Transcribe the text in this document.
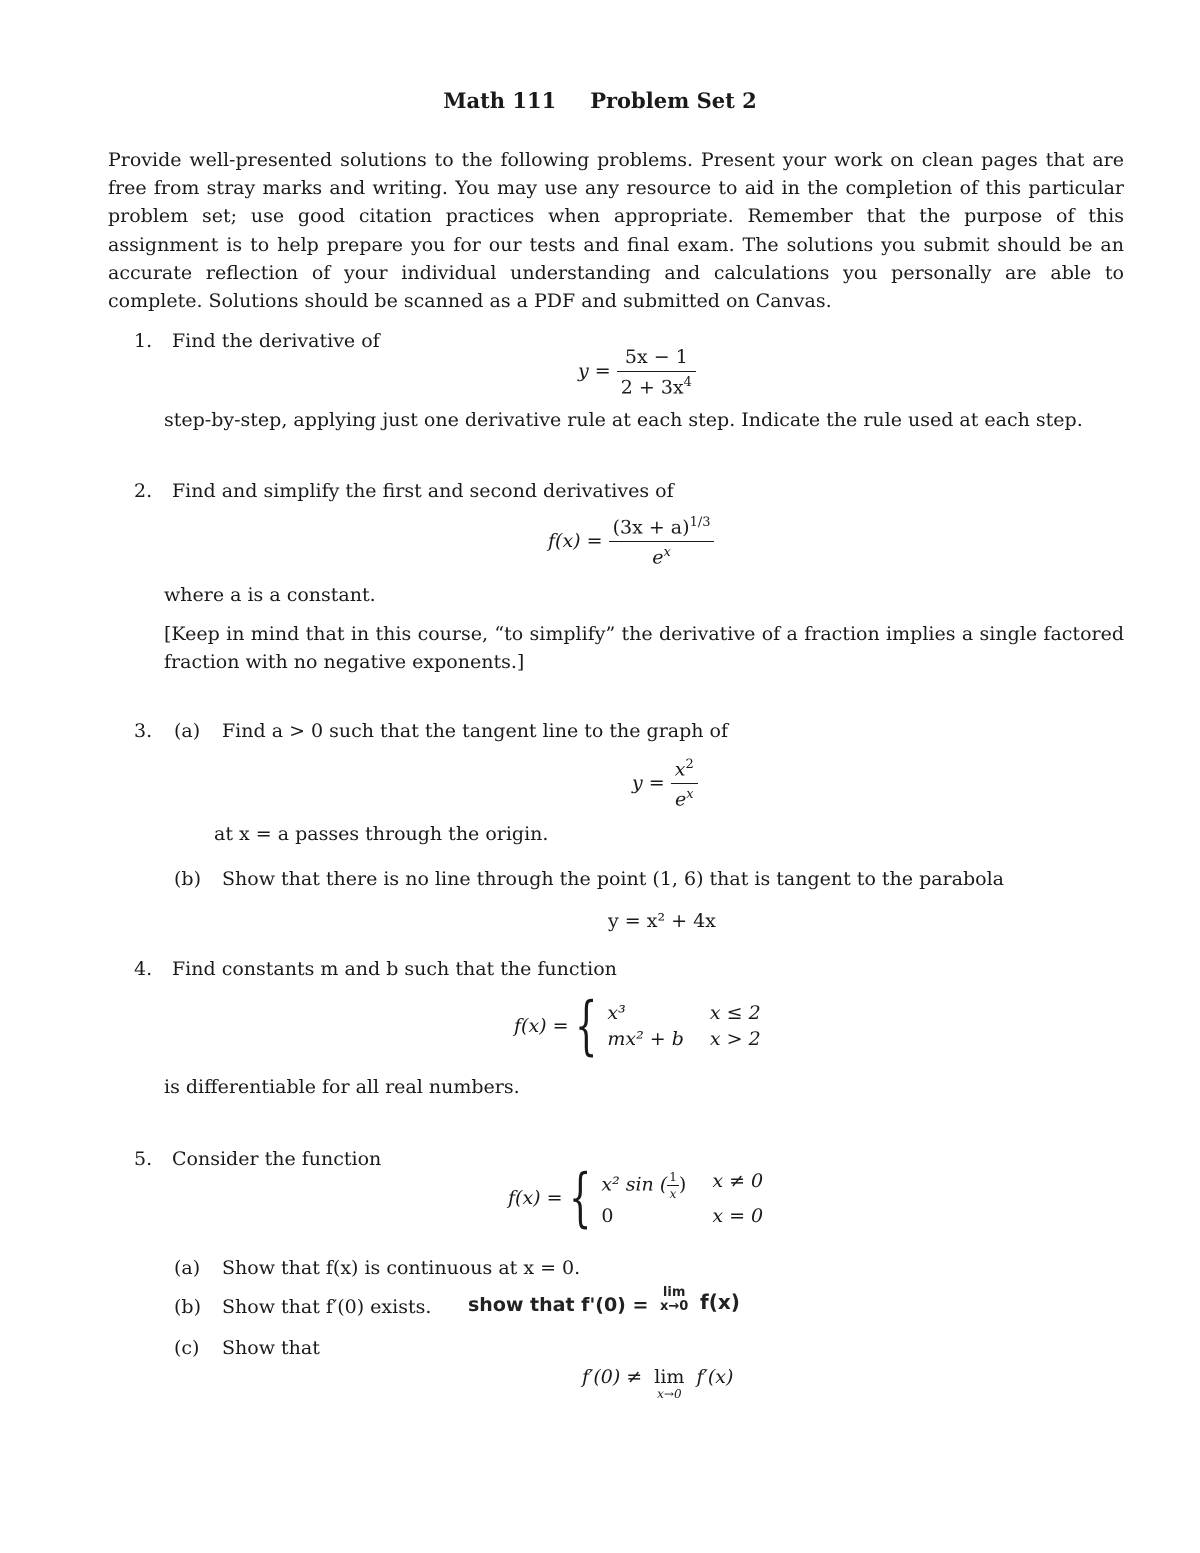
Math 111 Problem Set 2
Provide well-presented solutions to the following problems. Present your work on clean pages that are free from stray marks and writing. You may use any resource to aid in the completion of this particular problem set; use good citation practices when appropriate. Remember that the purpose of this assignment is to help prepare you for our tests and final exam. The solutions you submit should be an accurate reflection of your individual understanding and calculations you personally are able to complete. Solutions should be scanned as a PDF and submitted on Canvas.
1. Find the derivative of
$y = \frac{5x - 1}{2 + 3x^4}$
step-by-step, applying just one derivative rule at each step. Indicate the rule used at each step.
2. Find and simplify the first and second derivatives of
$f(x) = \frac{(3x + a)^{1/3}}{e^x}$
where a is a constant.
[Keep in mind that in this course, “to simplify” the derivative of a fraction implies a single factored fraction with no negative exponents.]
3. (a) Find a > 0 such that the tangent line to the graph of
$y = \frac{x^2}{e^x}$
at x = a passes through the origin.
(b) Show that there is no line through the point (1, 6) that is tangent to the parabola
y = x² + 4x
4. Find constants m and b such that the function
f(x) = { x³	x ≤ 2
mx² + b x > 2
is differentiable for all real numbers.
5. Consider the function
f(x) = { x² sin ( $\frac{1}{x}$ ) x ≠ 0
0	x = 0
(a) Show that f(x) is continuous at x = 0.
(b) Show that f′(0) exists. show that f'(0) =
lim
x→0 f(x)
(c) Show that
f′(0) ≠ lim
x→0
f′(x)
